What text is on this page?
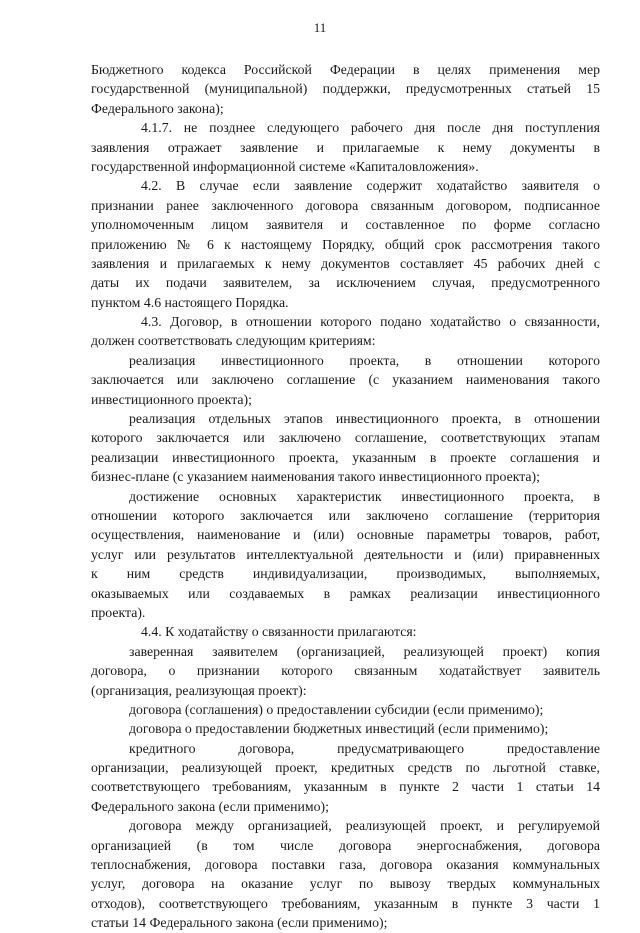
11
Бюджетного кодекса Российской Федерации в целях применения мер
государственной (муниципальной) поддержки, предусмотренных статьей 15
Федерального закона);
4.1.7. не позднее следующего рабочего дня после дня поступления
заявления отражает заявление и прилагаемые к нему документы в
государственной информационной системе «Капиталовложения».
4.2. В случае если заявление содержит ходатайство заявителя о
признании ранее заключенного договора связанным договором, подписанное
уполномоченным лицом заявителя и составленное по форме согласно
приложению № 6 к настоящему Порядку, общий срок рассмотрения такого
заявления и прилагаемых к нему документов составляет 45 рабочих дней с
даты их подачи заявителем, за исключением случая, предусмотренного
пунктом 4.6 настоящего Порядка.
4.3. Договор, в отношении которого подано ходатайство о связанности,
должен соответствовать следующим критериям:
реализация инвестиционного проекта, в отношении которого
заключается или заключено соглашение (с указанием наименования такого
инвестиционного проекта);
реализация отдельных этапов инвестиционного проекта, в отношении
которого заключается или заключено соглашение, соответствующих этапам
реализации инвестиционного проекта, указанным в проекте соглашения и
бизнес-плане (с указанием наименования такого инвестиционного проекта);
достижение основных характеристик инвестиционного проекта, в
отношении которого заключается или заключено соглашение (территория
осуществления, наименование и (или) основные параметры товаров, работ,
услуг или результатов интеллектуальной деятельности и (или) приравненных
к ним средств индивидуализации, производимых, выполняемых,
оказываемых или создаваемых в рамках реализации инвестиционного
проекта).
4.4. К ходатайству о связанности прилагаются:
заверенная заявителем (организацией, реализующей проект) копия
договора, о признании которого связанным ходатайствует заявитель
(организация, реализующая проект):
договора (соглашения) о предоставлении субсидии (если применимо);
договора о предоставлении бюджетных инвестиций (если применимо);
кредитного договора, предусматривающего предоставление
организации, реализующей проект, кредитных средств по льготной ставке,
соответствующего требованиям, указанным в пункте 2 части 1 статьи 14
Федерального закона (если применимо);
договора между организацией, реализующей проект, и регулируемой
организацией (в том числе договора энергоснабжения, договора
теплоснабжения, договора поставки газа, договора оказания коммунальных
услуг, договора на оказание услуг по вывозу твердых коммунальных
отходов), соответствующего требованиям, указанным в пункте 3 части 1
статьи 14 Федерального закона (если применимо);
